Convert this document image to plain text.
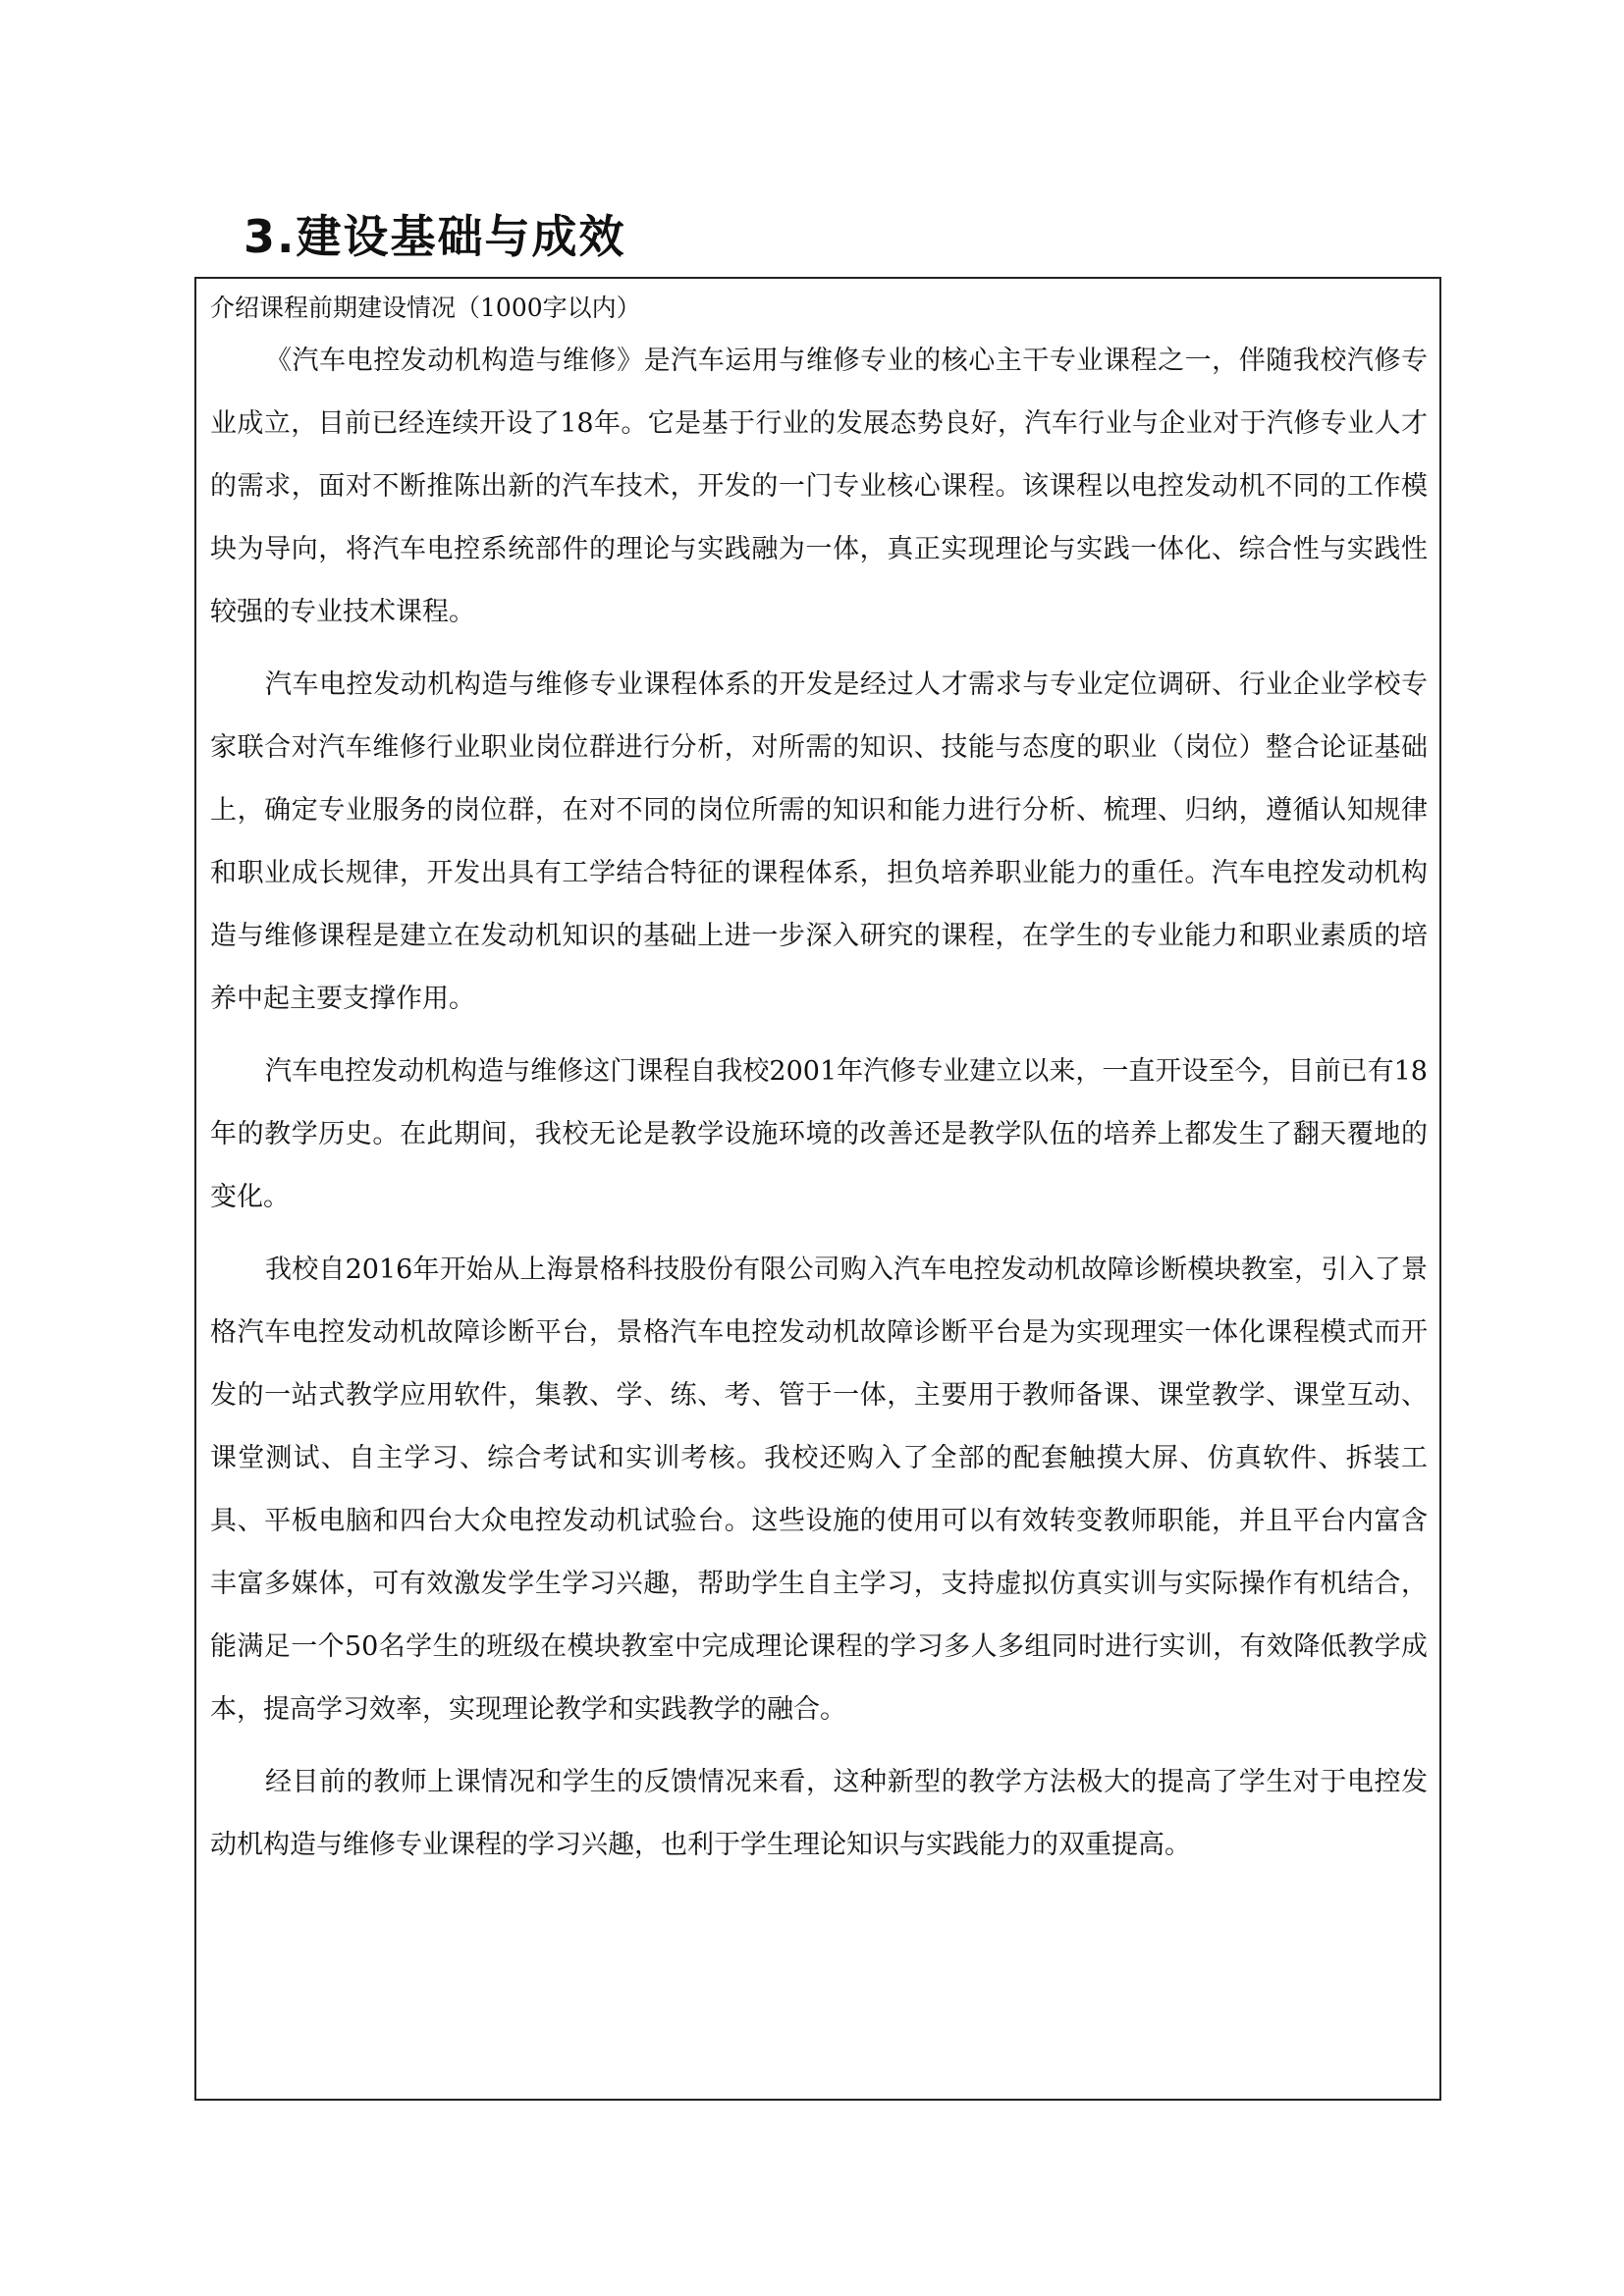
3.建设基础与成效

介绍课程前期建设情况（1000字以内）

《汽车电控发动机构造与维修》是汽车运用与维修专业的核心主干专业课程之一，伴随我校汽修专业成立，目前已经连续开设了18年。它是基于行业的发展态势良好，汽车行业与企业对于汽修专业人才的需求，面对不断推陈出新的汽车技术，开发的一门专业核心课程。该课程以电控发动机不同的工作模块为导向，将汽车电控系统部件的理论与实践融为一体，真正实现理论与实践一体化、综合性与实践性较强的专业技术课程。

汽车电控发动机构造与维修专业课程体系的开发是经过人才需求与专业定位调研、行业企业学校专家联合对汽车维修行业职业岗位群进行分析，对所需的知识、技能与态度的职业（岗位）整合论证基础上，确定专业服务的岗位群，在对不同的岗位所需的知识和能力进行分析、梳理、归纳，遵循认知规律和职业成长规律，开发出具有工学结合特征的课程体系，担负培养职业能力的重任。汽车电控发动机构造与维修课程是建立在发动机知识的基础上进一步深入研究的课程，在学生的专业能力和职业素质的培养中起主要支撑作用。

汽车电控发动机构造与维修这门课程自我校2001年汽修专业建立以来，一直开设至今，目前已有18年的教学历史。在此期间，我校无论是教学设施环境的改善还是教学队伍的培养上都发生了翻天覆地的变化。

我校自2016年开始从上海景格科技股份有限公司购入汽车电控发动机故障诊断模块教室，引入了景格汽车电控发动机故障诊断平台，景格汽车电控发动机故障诊断平台是为实现理实一体化课程模式而开发的一站式教学应用软件，集教、学、练、考、管于一体，主要用于教师备课、课堂教学、课堂互动、课堂测试、自主学习、综合考试和实训考核。我校还购入了全部的配套触摸大屏、仿真软件、拆装工具、平板电脑和四台大众电控发动机试验台。这些设施的使用可以有效转变教师职能，并且平台内富含丰富多媒体，可有效激发学生学习兴趣，帮助学生自主学习，支持虚拟仿真实训与实际操作有机结合，能满足一个50名学生的班级在模块教室中完成理论课程的学习多人多组同时进行实训，有效降低教学成本，提高学习效率，实现理论教学和实践教学的融合。

经目前的教师上课情况和学生的反馈情况来看，这种新型的教学方法极大的提高了学生对于电控发动机构造与维修专业课程的学习兴趣，也利于学生理论知识与实践能力的双重提高。
